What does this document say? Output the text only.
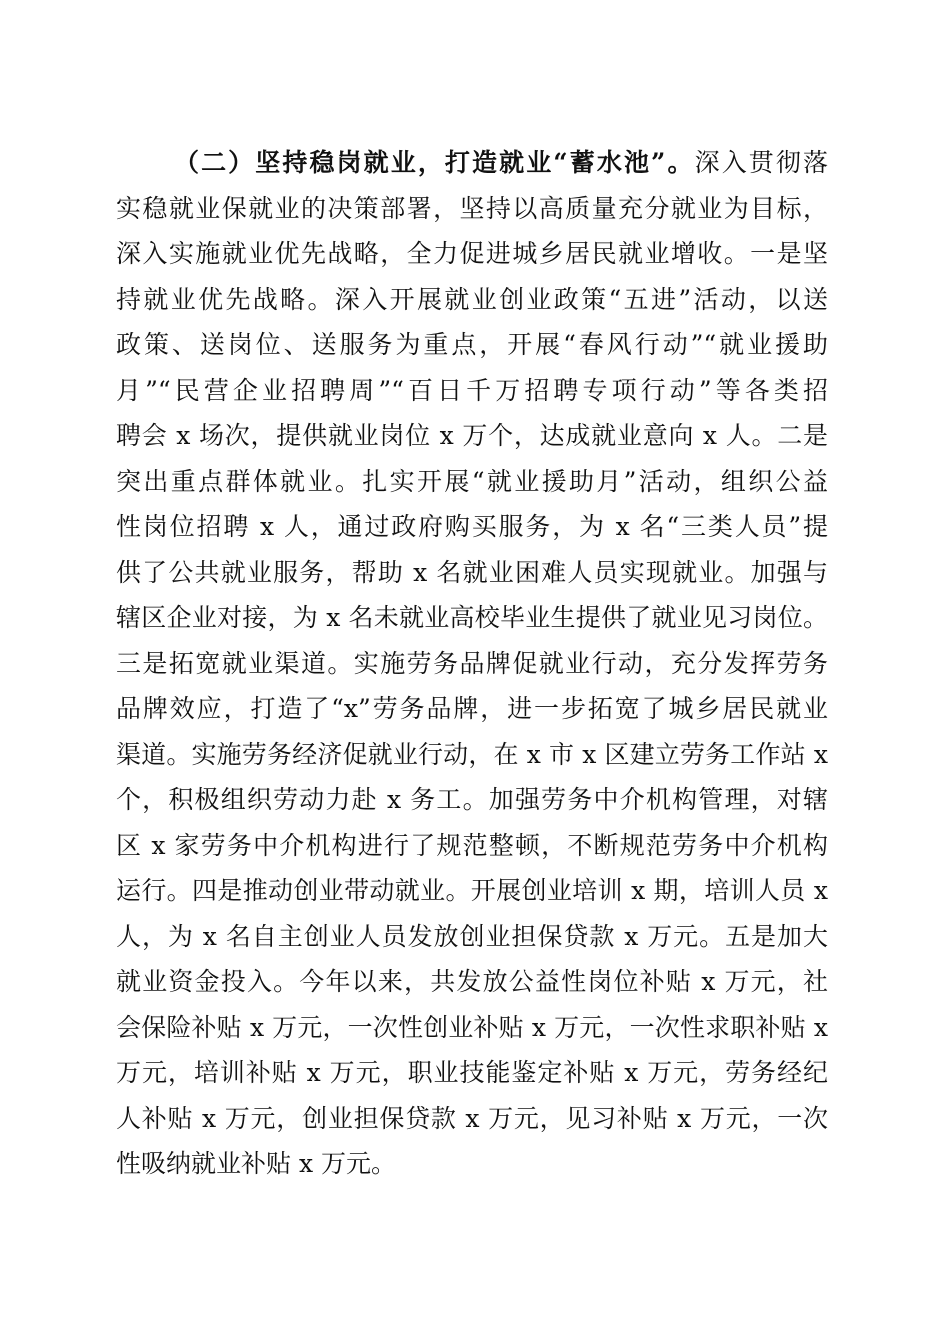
（二）坚持稳岗就业，打造就业“蓄水池”。深入贯彻落
实稳就业保就业的决策部署，坚持以高质量充分就业为目标，
深入实施就业优先战略，全力促进城乡居民就业增收。一是坚
持就业优先战略。深入开展就业创业政策“五进”活动，以送
政策、送岗位、送服务为重点，开展“春风行动”“就业援助
月”“民营企业招聘周”“百日千万招聘专项行动”等各类招
聘会 x 场次，提供就业岗位 x 万个，达成就业意向 x 人。二是
突出重点群体就业。扎实开展“就业援助月”活动，组织公益
性岗位招聘 x 人，通过政府购买服务，为 x 名“三类人员”提
供了公共就业服务，帮助 x 名就业困难人员实现就业。加强与
辖区企业对接，为 x 名未就业高校毕业生提供了就业见习岗位。
三是拓宽就业渠道。实施劳务品牌促就业行动，充分发挥劳务
品牌效应，打造了“x”劳务品牌，进一步拓宽了城乡居民就业
渠道。实施劳务经济促就业行动，在 x 市 x 区建立劳务工作站 x
个，积极组织劳动力赴 x 务工。加强劳务中介机构管理，对辖
区 x 家劳务中介机构进行了规范整顿，不断规范劳务中介机构
运行。四是推动创业带动就业。开展创业培训 x 期，培训人员 x
人，为 x 名自主创业人员发放创业担保贷款 x 万元。五是加大
就业资金投入。今年以来，共发放公益性岗位补贴 x 万元，社
会保险补贴 x 万元，一次性创业补贴 x 万元，一次性求职补贴 x
万元，培训补贴 x 万元，职业技能鉴定补贴 x 万元，劳务经纪
人补贴 x 万元，创业担保贷款 x 万元，见习补贴 x 万元，一次
性吸纳就业补贴 x 万元。
